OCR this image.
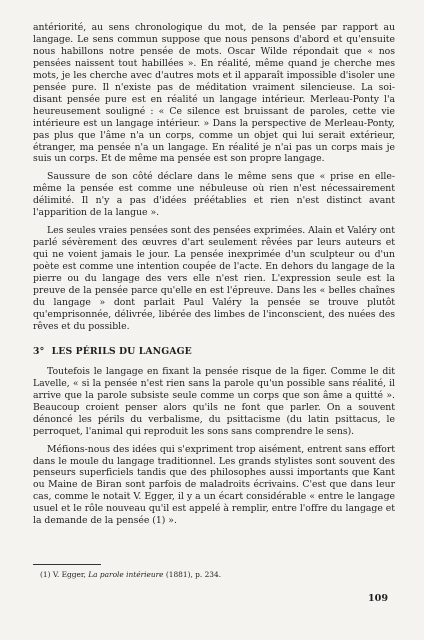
antériorité, au sens chronologique du mot, de la pensée par rapport au langage. Le sens commun suppose que nous pensons d'abord et qu'ensuite nous habillons notre pensée de mots. Oscar Wilde répondait que « nos pensées naissent tout habillées ». En réalité, même quand je cherche mes mots, je les cherche avec d'autres mots et il apparaît impossible d'isoler une pensée pure. Il n'existe pas de méditation vraiment silencieuse. La soi-disant pensée pure est en réalité un langage intérieur. Merleau-Ponty l'a heureusement souligné : « Ce silence est bruissant de paroles, cette vie intérieure est un langage intérieur. » Dans la perspective de Merleau-Ponty, pas plus que l'âme n'a un corps, comme un objet qui lui serait extérieur, étranger, ma pensée n'a un langage. En réalité je n'ai pas un corps mais je suis un corps. Et de même ma pensée est son propre langage.

Saussure de son côté déclare dans le même sens que « prise en elle-même la pensée est comme une nébuleuse où rien n'est nécessairement délimité. Il n'y a pas d'idées préétablies et rien n'est distinct avant l'apparition de la langue ».

Les seules vraies pensées sont des pensées exprimées. Alain et Valéry ont parlé sévèrement des œuvres d'art seulement rêvées par leurs auteurs et qui ne voient jamais le jour. La pensée inexprimée d'un sculpteur ou d'un poète est comme une intention coupée de l'acte. En dehors du langage de la pierre ou du langage des vers elle n'est rien. L'expression seule est la preuve de la pensée parce qu'elle en est l'épreuve. Dans les « belles chaînes du langage » dont parlait Paul Valéry la pensée se trouve plutôt qu'emprisonnée, délivrée, libérée des limbes de l'inconscient, des nuées des rêves et du possible.

3° LES PÉRILS DU LANGAGE

Toutefois le langage en fixant la pensée risque de la figer. Comme le dit Lavelle, « si la pensée n'est rien sans la parole qu'un possible sans réalité, il arrive que la parole subsiste seule comme un corps que son âme a quitté ». Beaucoup croient penser alors qu'ils ne font que parler. On a souvent dénoncé les périls du verbalisme, du psittacisme (du latin psittacus, le perroquet, l'animal qui reproduit les sons sans comprendre le sens).

Méfions-nous des idées qui s'expriment trop aisément, entrent sans effort dans le moule du langage traditionnel. Les grands stylistes sont souvent des penseurs superficiels tandis que des philosophes aussi importants que Kant ou Maine de Biran sont parfois de maladroits écrivains. C'est que dans leur cas, comme le notait V. Egger, il y a un écart considérable « entre le langage usuel et le rôle nouveau qu'il est appelé à remplir, entre l'offre du langage et la demande de la pensée (1) ».

(1) V. Egger, La parole intérieure (1881), p. 234.
109
